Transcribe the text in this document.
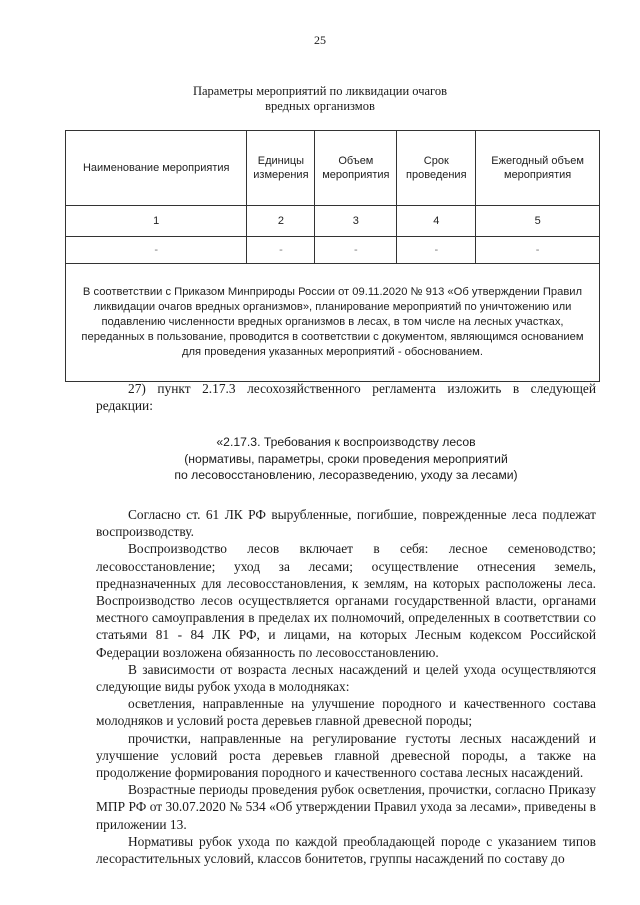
25
Параметры мероприятий по ликвидации очагов
вредных организмов
Наименование мероприятия	Единицы измерения	Объем мероприятия	Срок проведения	Ежегодный объем мероприятия
1	2	3	4	5
-	-	-	-	-
В соответствии с Приказом Минприроды России от 09.11.2020 № 913 «Об утверждении Правил ликвидации очагов вредных организмов», планирование мероприятий по уничтожению или подавлению численности вредных организмов в лесах, в том числе на лесных участках, переданных в пользование, проводится в соответствии с документом, являющимся основанием для проведения указанных мероприятий - обоснованием.				

27) пункт 2.17.3 лесохозяйственного регламента изложить в следующей редакции:

«2.17.3. Требования к воспроизводству лесов
(нормативы, параметры, сроки проведения мероприятий
по лесовосстановлению, лесоразведению, уходу за лесами)

Согласно ст. 61 ЛК РФ вырубленные, погибшие, поврежденные леса подлежат воспроизводству.

Воспроизводство лесов включает в себя: лесное семеноводство; лесовосстановление; уход за лесами; осуществление отнесения земель, предназначенных для лесовосстановления, к землям, на которых расположены леса. Воспроизводство лесов осуществляется органами государственной власти, органами местного самоуправления в пределах их полномочий, определенных в соответствии со статьями 81 - 84 ЛК РФ, и лицами, на которых Лесным кодексом Российской Федерации возложена обязанность по лесовосстановлению.

В зависимости от возраста лесных насаждений и целей ухода осуществляются следующие виды рубок ухода в молодняках:

осветления, направленные на улучшение породного и качественного состава молодняков и условий роста деревьев главной древесной породы;

прочистки, направленные на регулирование густоты лесных насаждений и улучшение условий роста деревьев главной древесной породы, а также на продолжение формирования породного и качественного состава лесных насаждений.

Возрастные периоды проведения рубок осветления, прочистки, согласно Приказу МПР РФ от 30.07.2020 № 534 «Об утверждении Правил ухода за лесами», приведены в приложении 13.

Нормативы рубок ухода по каждой преобладающей породе с указанием типов лесорастительных условий, классов бонитетов, группы насаждений по составу до
